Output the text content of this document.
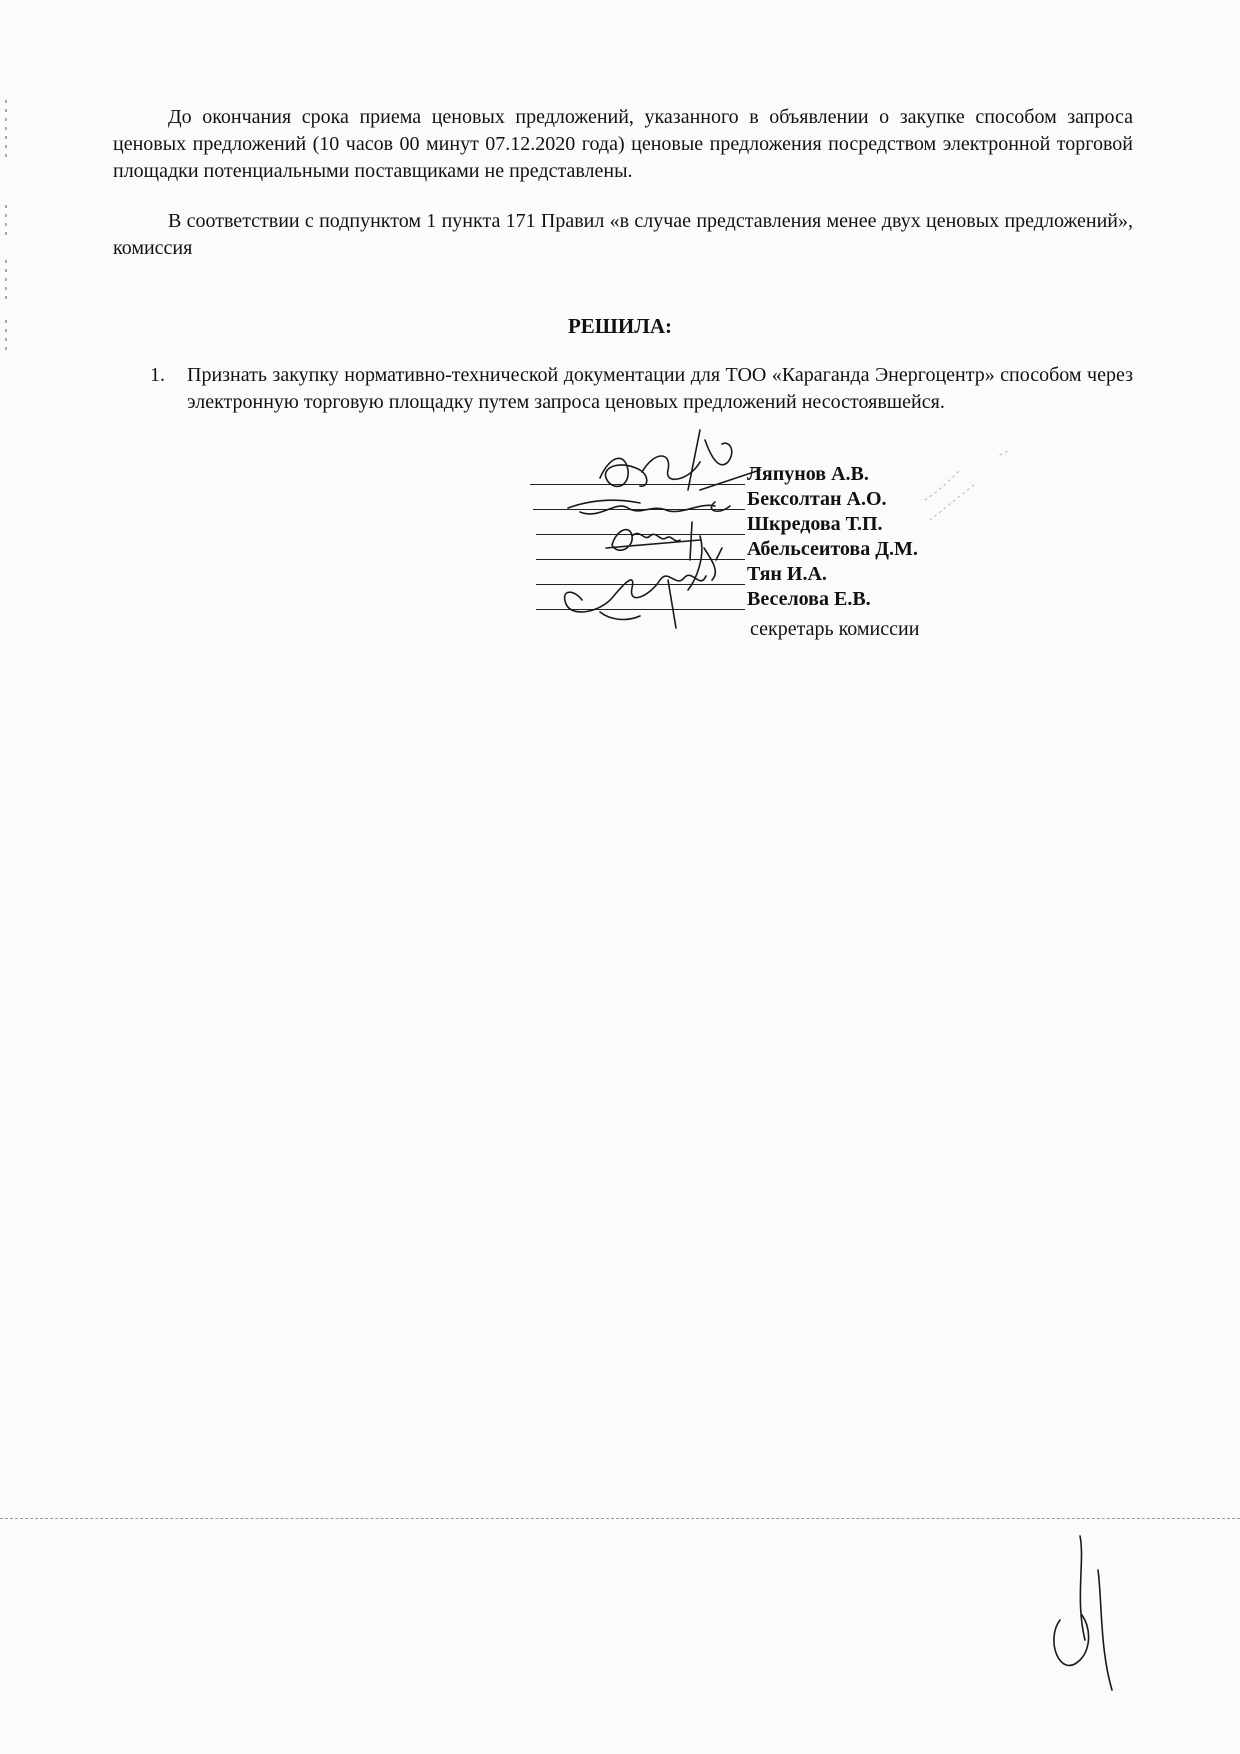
До окончания срока приема ценовых предложений, указанного в объявлении о закупке способом запроса ценовых предложений (10 часов 00 минут 07.12.2020 года) ценовые предложения посредством электронной торговой площадки потенциальными поставщиками не представлены.
В соответствии с подпунктом 1 пункта 171 Правил «в случае представления менее двух ценовых предложений», комиссия
РЕШИЛА:
1. Признать закупку нормативно-технической документации для ТОО «Караганда Энергоцентр» способом через электронную торговую площадку путем запроса ценовых предложений несостоявшейся.
Ляпунов А.В.
Бексолтан А.О.
Шкредова Т.П.
Абельсеитова Д.М.
Тян И.А.
Веселова Е.В.
секретарь комиссии
